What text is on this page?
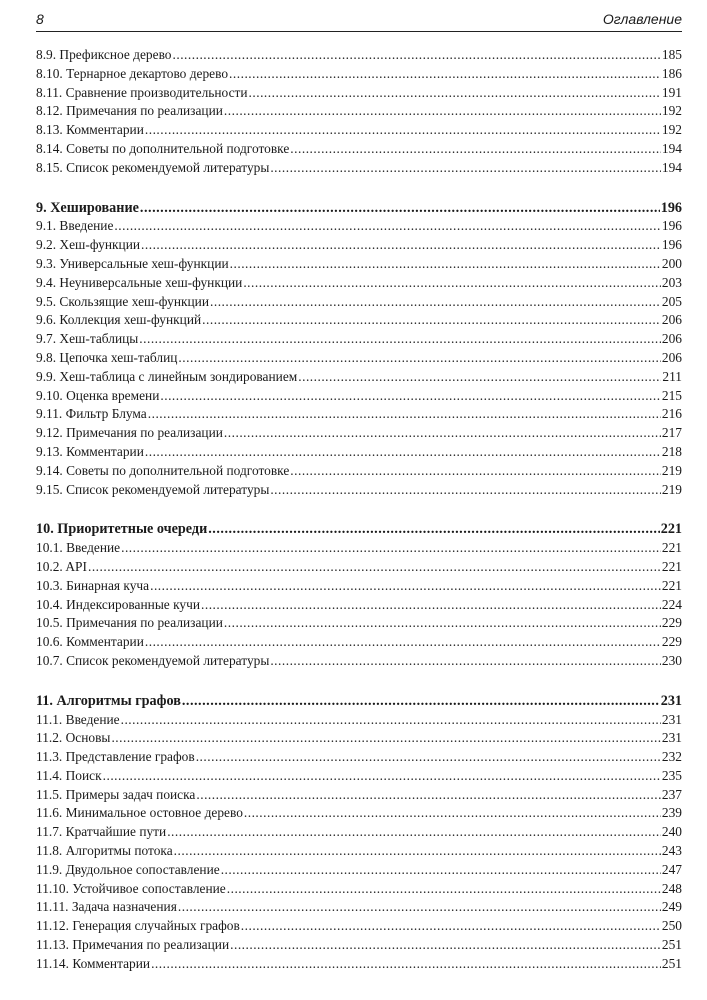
8	Оглавление
8.9. Префиксное дерево .....	185
8.10. Тернарное декартово дерево .....	186
8.11. Сравнение производительности .....	191
8.12. Примечания по реализации .....	192
8.13. Комментарии .....	192
8.14. Советы по дополнительной подготовке .....	194
8.15. Список рекомендуемой литературы .....	194
9. Хеширование .....	196
9.1. Введение .....	196
9.2. Хеш-функции .....	196
9.3. Универсальные хеш-функции .....	200
9.4. Неуниверсальные хеш-функции .....	203
9.5. Скользящие хеш-функции .....	205
9.6. Коллекция хеш-функций .....	206
9.7. Хеш-таблицы .....	206
9.8. Цепочка хеш-таблиц .....	206
9.9. Хеш-таблица с линейным зондированием .....	211
9.10. Оценка времени .....	215
9.11. Фильтр Блума .....	216
9.12. Примечания по реализации .....	217
9.13. Комментарии .....	218
9.14. Советы по дополнительной подготовке .....	219
9.15. Список рекомендуемой литературы .....	219
10. Приоритетные очереди .....	221
10.1. Введение .....	221
10.2. API .....	221
10.3. Бинарная куча .....	221
10.4. Индексированные кучи .....	224
10.5. Примечания по реализации .....	229
10.6. Комментарии .....	229
10.7. Список рекомендуемой литературы .....	230
11. Алгоритмы графов .....	231
11.1. Введение .....	231
11.2. Основы .....	231
11.3. Представление графов .....	232
11.4. Поиск .....	235
11.5. Примеры задач поиска .....	237
11.6. Минимальное остовное дерево .....	239
11.7. Кратчайшие пути .....	240
11.8. Алгоритмы потока .....	243
11.9. Двудольное сопоставление .....	247
11.10. Устойчивое сопоставление .....	248
11.11. Задача назначения .....	249
11.12. Генерация случайных графов .....	250
11.13. Примечания по реализации .....	251
11.14. Комментарии .....	251
